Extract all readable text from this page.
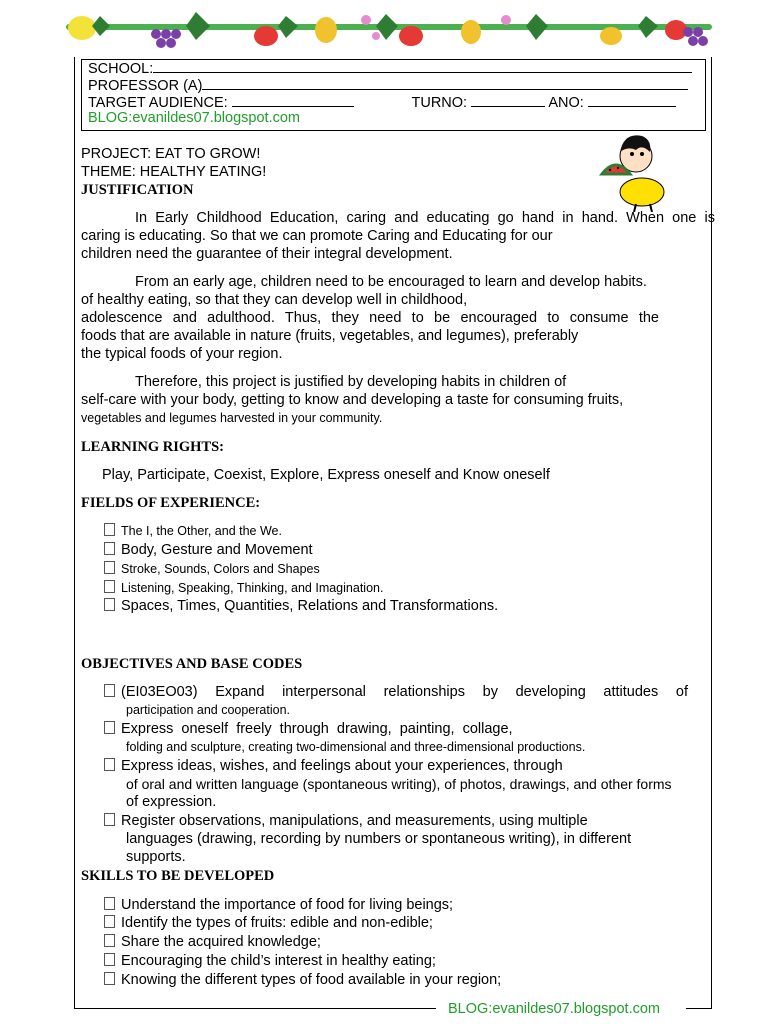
SCHOOL:
PROFESSOR (A)
TARGET AUDIENCE:	TURNO:	ANO:
BLOG:evanildes07.blogspot.com
PROJECT: EAT TO GROW!
THEME: HEALTHY EATING!
JUSTIFICATION
In Early Childhood Education, caring and educating go hand in hand. When one is
caring is educating. So that we can promote Caring and Educating for our
children need the guarantee of their integral development.
From an early age, children need to be encouraged to learn and develop habits.
of healthy eating, so that they can develop well in childhood,
adolescence and adulthood. Thus, they need to be encouraged to consume the
foods that are available in nature (fruits, vegetables, and legumes), preferably
the typical foods of your region.
Therefore, this project is justified by developing habits in children of
self-care with your body, getting to know and developing a taste for consuming fruits,
vegetables and legumes harvested in your community.
LEARNING RIGHTS:
Play, Participate, Coexist, Explore, Express oneself and Know oneself
FIELDS OF EXPERIENCE:
The I, the Other, and the We.
Body, Gesture and Movement
Stroke, Sounds, Colors and Shapes
Listening, Speaking, Thinking, and Imagination.
Spaces, Times, Quantities, Relations and Transformations.
OBJECTIVES AND BASE CODES
(EI03EO03) Expand interpersonal relationships by developing attitudes of
participation and cooperation.
Express oneself freely through drawing, painting, collage,
folding and sculpture, creating two-dimensional and three-dimensional productions.
Express ideas, wishes, and feelings about your experiences, through
of oral and written language (spontaneous writing), of photos, drawings, and other forms
of expression.
Register observations, manipulations, and measurements, using multiple
languages (drawing, recording by numbers or spontaneous writing), in different
supports.
SKILLS TO BE DEVELOPED
Understand the importance of food for living beings;
Identify the types of fruits: edible and non-edible;
Share the acquired knowledge;
Encouraging the child’s interest in healthy eating;
Knowing the different types of food available in your region;
BLOG:evanildes07.blogspot.com
